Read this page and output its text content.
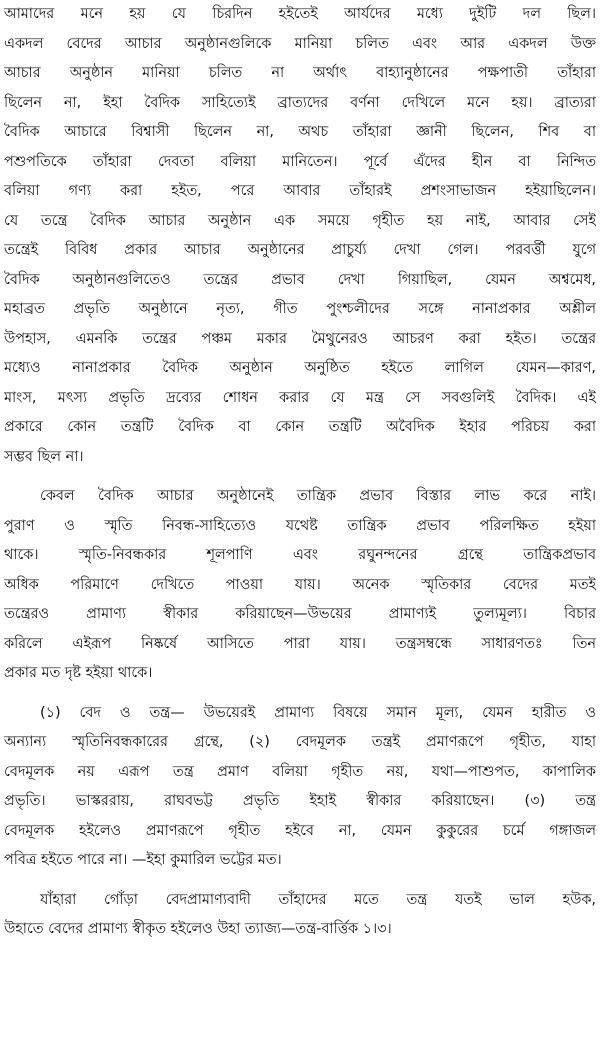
আমাদের মনে হয় যে চিরদিন হইতেই আর্যদের মধ্যে দুইটি দল ছিল।
একদল বেদের আচার অনুষ্ঠানগুলিকে মানিয়া চলিত এবং আর একদল উক্ত
আচার অনুষ্ঠান মানিয়া চলিত না অর্থাৎ বাহ্যানুষ্ঠানের পক্ষপাতী তাঁহারা
ছিলেন না, ইহা বৈদিক সাহিত্যেই ব্রাত্যদের বর্ণনা দেখিলে মনে হয়। ব্রাত্যরা
বৈদিক আচারে বিশ্বাসী ছিলেন না, অথচ তাঁহারা জ্ঞানী ছিলেন, শিব বা
পশুপতিকে তাঁহারা দেবতা বলিয়া মানিতেন। পূর্বে এঁদের হীন বা নিন্দিত
বলিয়া গণ্য করা হইত, পরে আবার তাঁহারই প্রশংসাভাজন হইয়াছিলেন।
যে তন্ত্রে বৈদিক আচার অনুষ্ঠান এক সময়ে গৃহীত হয় নাই, আবার সেই
তন্ত্রেই বিবিধ প্রকার আচার অনুষ্ঠানের প্রাচুর্য্য দেখা গেল। পরবর্ত্তী যুগে
বৈদিক অনুষ্ঠানগুলিতেও তন্ত্রের প্রভাব দেখা গিয়াছিল, যেমন অশ্বমেধ,
মহাব্রত প্রভৃতি অনুষ্ঠানে নৃত্য, গীত পুংশ্চলীদের সঙ্গে নানাপ্রকার অশ্লীল
উপহাস, এমনকি তন্ত্রের পঞ্চম মকার মৈথুনেরও আচরণ করা হইত। তন্ত্রের
মধ্যেও নানাপ্রকার বৈদিক অনুষ্ঠান অনুষ্ঠিত হইতে লাগিল যেমন—কারণ,
মাংস, মৎস্য প্রভৃতি দ্রব্যের শোধন করার যে মন্ত্র সে সবগুলিই বৈদিক। এই
প্রকারে কোন তন্ত্রটি বৈদিক বা কোন তন্ত্রটি অবৈদিক ইহার পরিচয় করা
সম্ভব ছিল না।
কেবল বৈদিক আচার অনুষ্ঠানেই তান্ত্রিক প্রভাব বিস্তার লাভ করে নাই।
পুরাণ ও স্মৃতি নিবন্ধ-সাহিত্যেও যথেষ্ট তান্ত্রিক প্রভাব পরিলক্ষিত হইয়া
থাকে। স্মৃতি-নিবন্ধকার শূলপাণি এবং রঘুনন্দনের গ্রন্থে তান্ত্রিকপ্রভাব
অধিক পরিমাণে দেখিতে পাওয়া যায়। অনেক স্মৃতিকার বেদের মতই
তন্ত্রেরও প্রামাণ্য স্বীকার করিয়াছেন—উভয়ের প্রামাণ্যই তুল্যমূল্য। বিচার
করিলে এইরূপ নিষ্কর্ষে আসিতে পারা যায়। তন্ত্রসম্বন্ধে সাধারণতঃ তিন
প্রকার মত দৃষ্ট হইয়া থাকে।
(১) বেদ ও তন্ত্র— উভয়েরই প্রামাণ্য বিষয়ে সমান মূল্য, যেমন হারীত ও
অন্যান্য স্মৃতিনিবন্ধকারের গ্রন্থে, (২) বেদমূলক তন্ত্রই প্রমাণরূপে গৃহীত, যাহা
বেদমূলক নয় এরূপ তন্ত্র প্রমাণ বলিয়া গৃহীত নয়, যথা—পাশুপত, কাপালিক
প্রভৃতি। ভাস্কররায়, রাঘবভট্ট প্রভৃতি ইহাই স্বীকার করিয়াছেন। (৩) তন্ত্র
বেদমূলক হইলেও প্রমাণরূপে গৃহীত হইবে না, যেমন কুকুরের চর্মে গঙ্গাজল
পবিত্র হইতে পারে না। —ইহা কুমারিল ভট্টের মত।
যাঁহারা গোঁড়া বেদপ্রামাণ্যবাদী তাঁহাদের মতে তন্ত্র যতই ভাল হউক,
উহাতে বেদের প্রামাণ্য স্বীকৃত হইলেও উহা ত্যাজ্য—তন্ত্র-বার্ত্তিক ১।৩।
